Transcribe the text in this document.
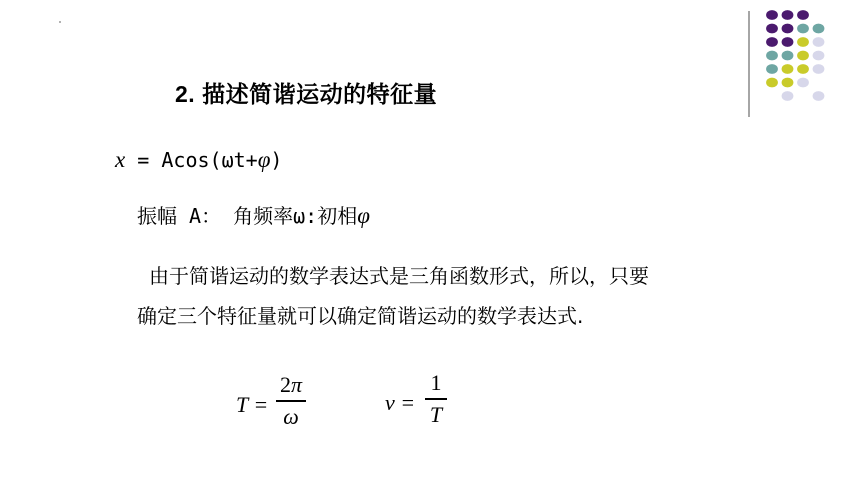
2. 描述简谐运动的特征量
x = Acos(ωt+φ)
振幅 A： 角频率ω:初相φ
由于简谐运动的数学表达式是三角函数形式，所以，只要
确定三个特征量就可以确定简谐运动的数学表达式.
T =
2π
ω
ν =
1
T
